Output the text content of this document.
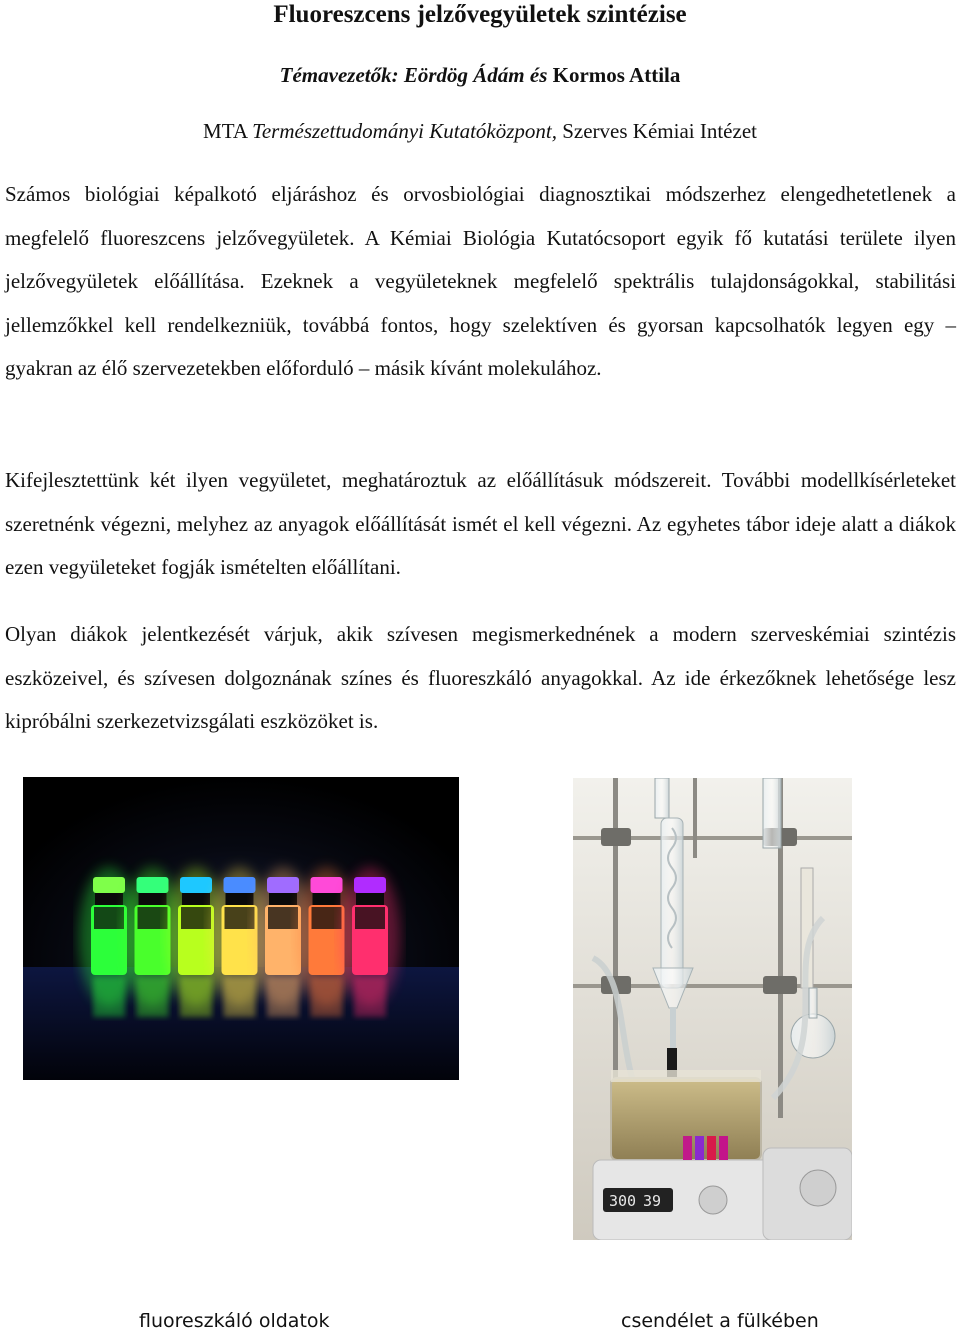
Fluoreszcens jelzővegyületek szintézise
Témavezetők: Eördög Ádám és Kormos Attila
MTA Természettudományi Kutatóközpont, Szerves Kémiai Intézet

Számos biológiai képalkotó eljáráshoz és orvosbiológiai diagnosztikai módszerhez elengedhetetlenek a megfelelő fluoreszcens jelzővegyületek. A Kémiai Biológia Kutatócsoport egyik fő kutatási területe ilyen jelzővegyületek előállítása. Ezeknek a vegyületeknek megfelelő spektrális tulajdonságokkal, stabilitási jellemzőkkel kell rendelkezniük, továbbá fontos, hogy szelektíven és gyorsan kapcsolhatók legyen egy – gyakran az élő szervezetekben előforduló – másik kívánt molekulához.

Kifejlesztettünk két ilyen vegyületet, meghatároztuk az előállításuk módszereit. További modellkísérleteket szeretnénk végezni, melyhez az anyagok előállítását ismét el kell végezni. Az egyhetes tábor ideje alatt a diákok ezen vegyületeket fogják ismételten előállítani.

Olyan diákok jelentkezését várjuk, akik szívesen megismerkednének a modern szerveskémiai szintézis eszközeivel, és szívesen dolgoznának színes és fluoreszkáló anyagokkal. Az ide érkezőknek lehetősége lesz kipróbálni szerkezetvizsgálati eszközöket is.

300 39
fluoreszkáló oldatok	csendélet a fülkében
